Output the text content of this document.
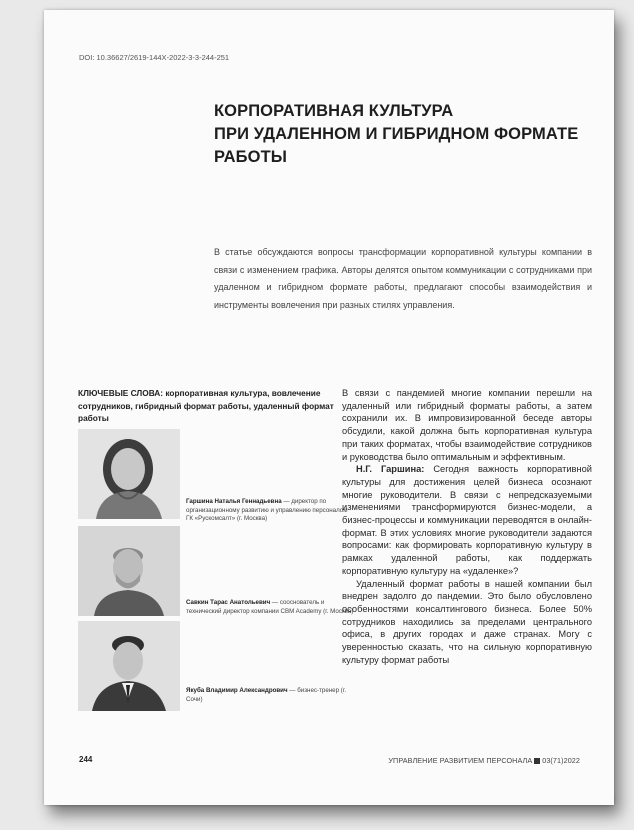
DOI: 10.36627/2619-144X-2022-3-3-244-251
КОРПОРАТИВНАЯ КУЛЬТУРА
ПРИ УДАЛЕННОМ И ГИБРИДНОМ ФОРМАТЕ
РАБОТЫ
В статье обсуждаются вопросы трансформации корпоративной культуры компании в связи с изменением графика. Авторы делятся опытом коммуникации с сотрудниками при удаленном и гибридном формате работы, предлагают способы взаимодействия и инструменты вовлечения при разных стилях управления.
КЛЮЧЕВЫЕ СЛОВА: корпоративная культура, вовлечение сотрудников, гибридный формат работы, удаленный формат работы
Гаршина Наталья Геннадьевна — директор по организационному развитию и управлению персоналом ГК «Рускомсалт» (г. Москва)
Савкин Тарас Анатольевич — сооснователь и технический директор компании CBM Academy (г. Москва)
Якуба Владимир Александрович — бизнес-тренер (г. Сочи)

В связи с пандемией многие компании перешли на удаленный или гибридный форматы работы, а затем сохранили их. В импровизированной беседе авторы обсудили, какой должна быть корпоративная культура при таких форматах, чтобы взаимодействие сотрудников и руководства было оптимальным и эффективным.

Н.Г. Гаршина: Сегодня важность корпоративной культуры для достижения целей бизнеса осознают многие руководители. В связи с непредсказуемыми изменениями трансформируются бизнес-модели, а бизнес-процессы и коммуникации переводятся в онлайн-формат. В этих условиях многие руководители задаются вопросами: как формировать корпоративную культуру в рамках удаленной работы, как поддержать корпоративную культуру на «удаленке»?

Удаленный формат работы в нашей компании был внедрен задолго до пандемии. Это было обусловлено особенностями консалтингового бизнеса. Более 50% сотрудников находились за пределами центрального офиса, в других городах и даже странах. Могу с уверенностью сказать, что на сильную корпоративную культуру формат работы

244	УПРАВЛЕНИЕ РАЗВИТИЕМ ПЕРСОНАЛА 03(71)2022
